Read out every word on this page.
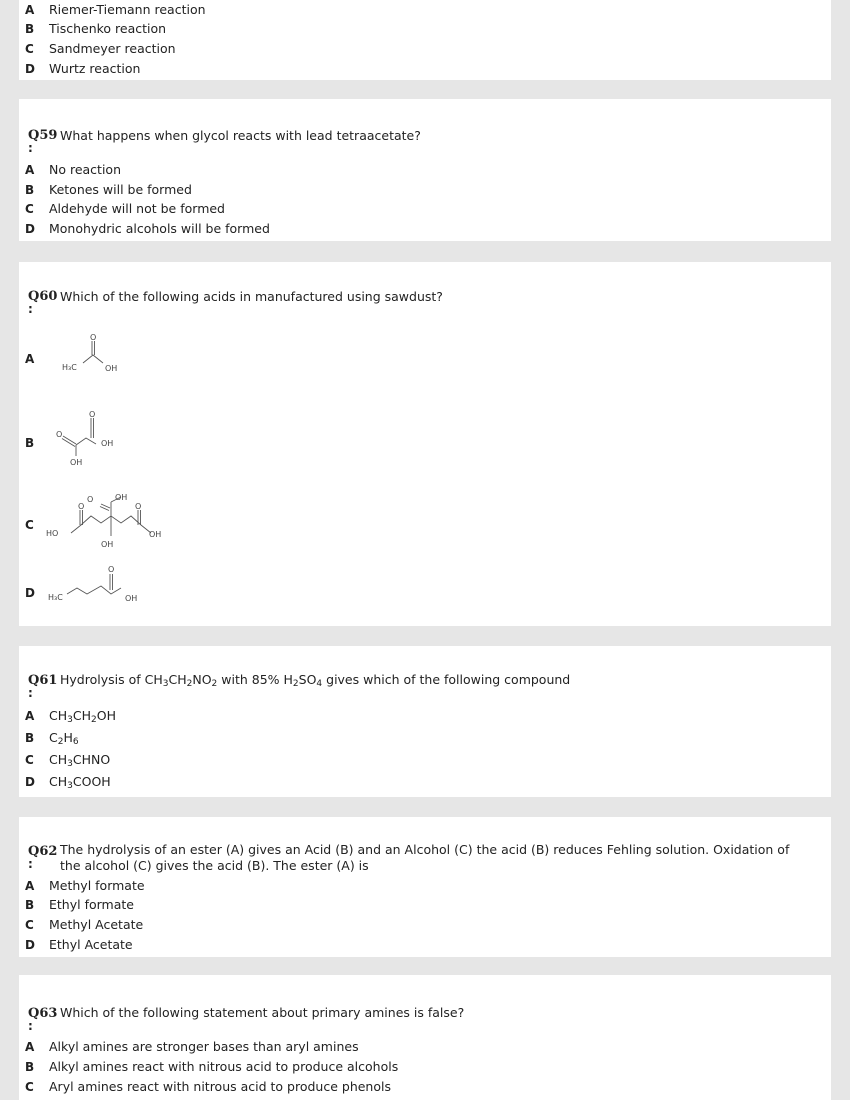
A Riemer-Tiemann reaction
B Tischenko reaction
C Sandmeyer reaction
D Wurtz reaction
Q59
:
What happens when glycol reacts with lead tetraacetate?
A No reaction
B Ketones will be formed
C Aldehyde will not be formed
D Monohydric alcohols will be formed
Q60
:
Which of the following acids in manufactured using sawdust?
A
O
H₃C	OH
B
O
O
OH
OH
C
O
O	O
OH
HO
OH
OH
D H₃C
O
OH
Q61
:
Hydrolysis of $CH_3CH_2NO_2$ with 85% $H_2SO_4$ gives which of the following compound
A $CH_3CH_2OH$
B $C_2H_6$
C $CH_3CHNO$
D $CH_3COOH$
Q62
:
The hydrolysis of an ester (A) gives an Acid (B) and an Alcohol (C) the acid (B) reduces Fehling solution. Oxidation of the alcohol (C) gives the acid (B). The ester (A) is
A Methyl formate
B Ethyl formate
C Methyl Acetate
D Ethyl Acetate
Q63
:
Which of the following statement about primary amines is false?
A Alkyl amines are stronger bases than aryl amines
B Alkyl amines react with nitrous acid to produce alcohols
C Aryl amines react with nitrous acid to produce phenols
